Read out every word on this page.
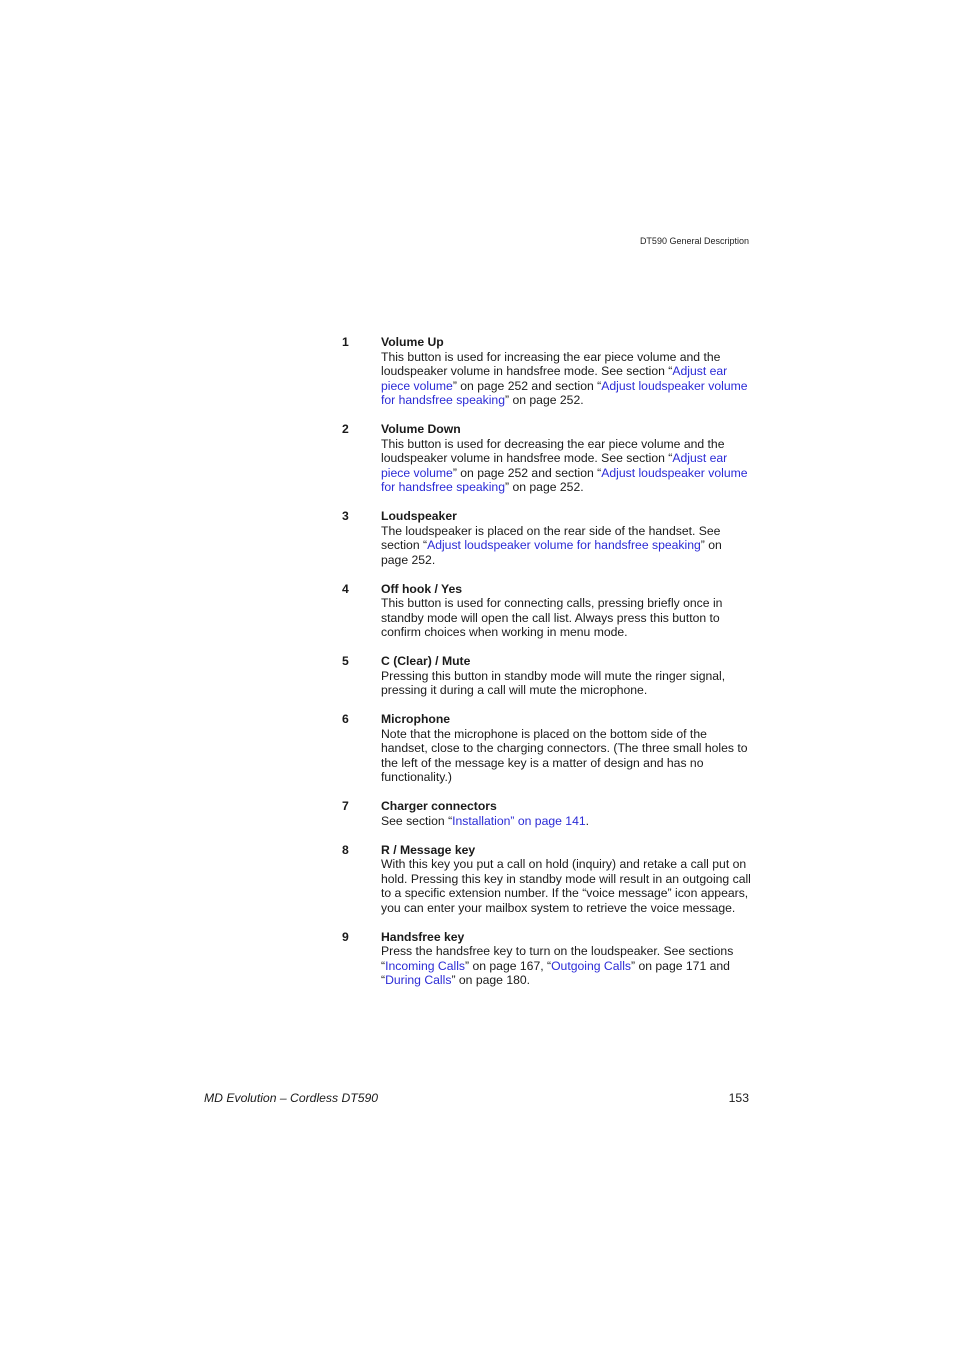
DT590 General Description
1	Volume Up
This button is used for increasing the ear piece volume and the loudspeaker volume in handsfree mode. See section “Adjust ear piece volume” on page 252 and section “Adjust loudspeaker volume for handsfree speaking” on page 252.
2	Volume Down
This button is used for decreasing the ear piece volume and the loudspeaker volume in handsfree mode. See section “Adjust ear piece volume” on page 252 and section “Adjust loudspeaker volume for handsfree speaking” on page 252.
3	Loudspeaker
The loudspeaker is placed on the rear side of the handset. See section “Adjust loudspeaker volume for handsfree speaking” on page 252.
4	Off hook / Yes
This button is used for connecting calls, pressing briefly once in standby mode will open the call list. Always press this button to confirm choices when working in menu mode.
5	C (Clear) / Mute
Pressing this button in standby mode will mute the ringer signal, pressing it during a call will mute the microphone.
6	Microphone
Note that the microphone is placed on the bottom side of the handset, close to the charging connectors. (The three small holes to the left of the message key is a matter of design and has no functionality.)
7	Charger connectors
See section “Installation” on page 141.
8	R / Message key
With this key you put a call on hold (inquiry) and retake a call put on hold. Pressing this key in standby mode will result in an outgoing call to a specific extension number. If the “voice message” icon appears, you can enter your mailbox system to retrieve the voice message.
9	Handsfree key
Press the handsfree key to turn on the loudspeaker. See sections “Incoming Calls” on page 167, “Outgoing Calls” on page 171 and “During Calls” on page 180.
MD Evolution – Cordless DT590	153
